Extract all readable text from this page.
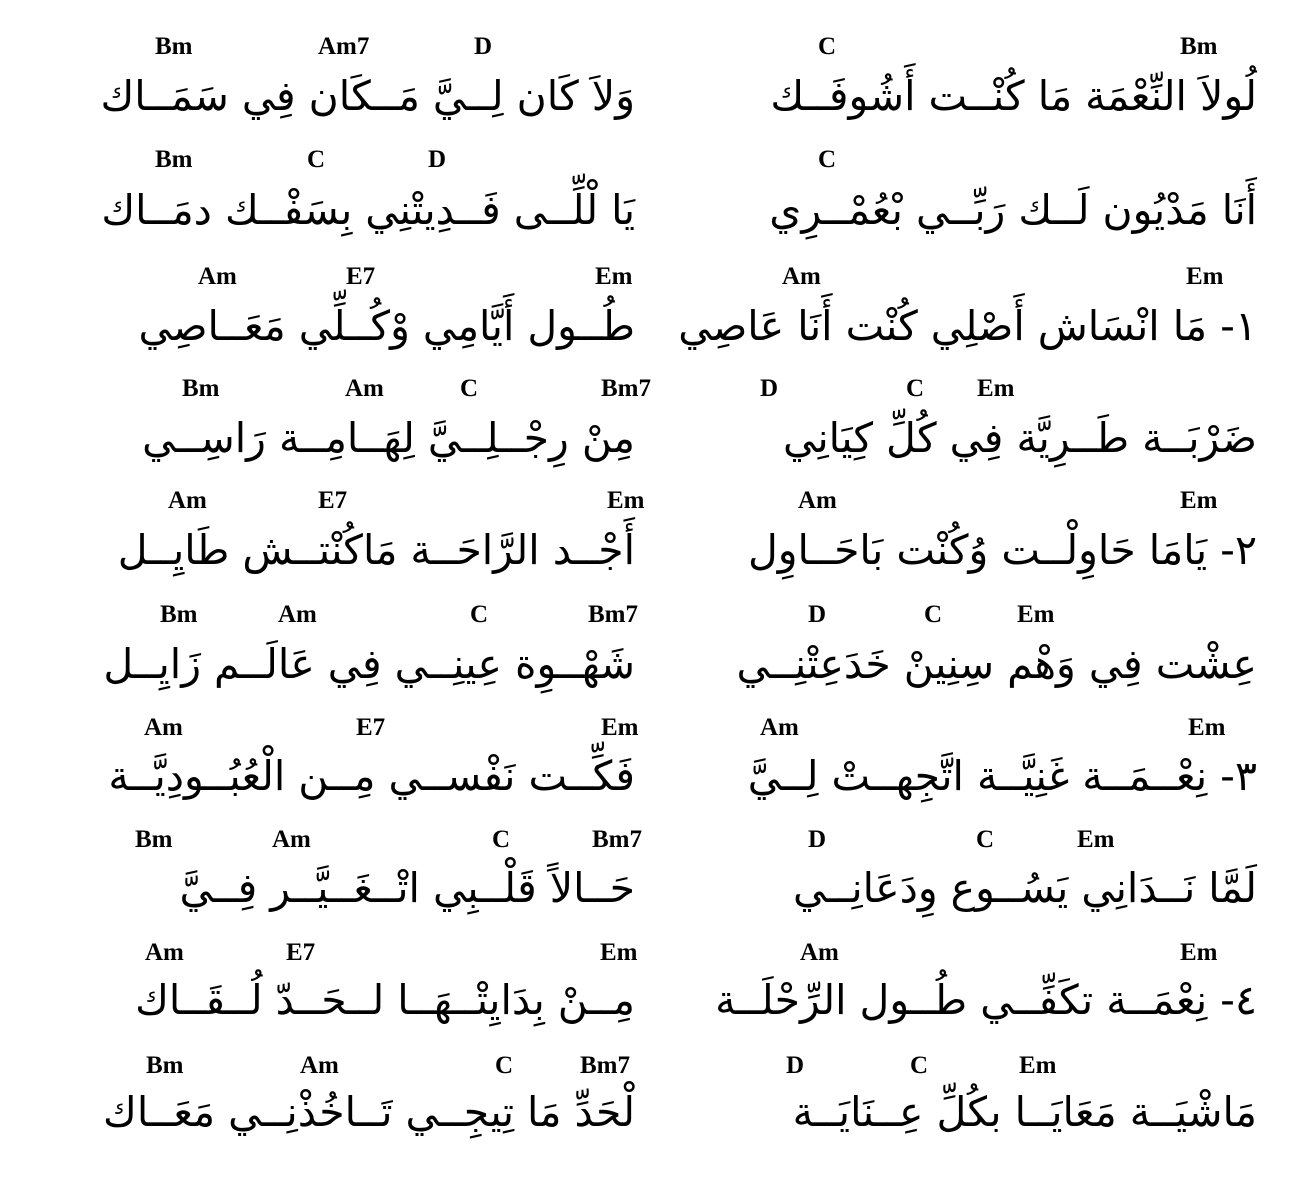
C	Bm
لُولاَ النِّعْمَة مَا كُنْــت أَشُوفَــك
Bm	Am7	D
وَلاَ كَان لِــيَّ مَــكَان فِي سَمَــاك
C
أَنَا مَدْيُون لَــك رَبِّــي بْعُمْــرِي
Bm	C	D
يَا لْلِّــى فَــدِيتْنِي بِسَفْــك دمَــاك
Am	Em
١- مَا انْسَاش أَصْلِي كُنْت أَنَا عَاصِي
Am	E7	Em
طُــول أَيَّامِي وْكُــلِّي مَعَــاصِي
D	C Em
ضَرْبَــة طَــرِيَّة فِي كُلِّ كِيَانِي
Bm	Am	C	Bm7
مِنْ رِجْــلِــيَّ لِهَــامِــة رَاسِــي
Am	Em
٢- يَامَا حَاوِلْــت وُكُنْت بَاحَــاوِل
Am	E7	Em
أَجْــد الرَّاحَــة مَاكُنْتــش طَايِــل
D	C	Em
عِشْت فِي وَهْم سِنِينْ خَدَعِتْنِــي
Bm	Am	C	Bm7
شَهْــوِة عِينِــي فِي عَالَــم زَايِــل
Am	Em
٣- نِعْــمَــة غَنِيَّــة اتَّجِهــتْ لِــيَّ
Am	E7	Em
فَكِّــت نَفْســي مِــن الْعُبُــودِيَّــة
D	C	Em
لَمَّا نَــدَانِي يَسُــوع وِدَعَانِــي
Bm	Am	C	Bm7
حَــالاً قَلْــبِي اتْــغَــيَّــر فِــيَّ
Am	Em
٤- نِعْمَــة تكَفِّــي طُــول الرِّحْلَــة
Am	E7	Em
مِــنْ بِدَايِتْــهَــا لــحَــدّ لُــقَــاك
D	C	Em
مَاشْيَــة مَعَايَــا بكُلِّ عِــنَايَــة
Bm	Am	C	Bm7
لْحَدِّ مَا تِيجِــي تَــاخُذْنِــي مَعَــاك
